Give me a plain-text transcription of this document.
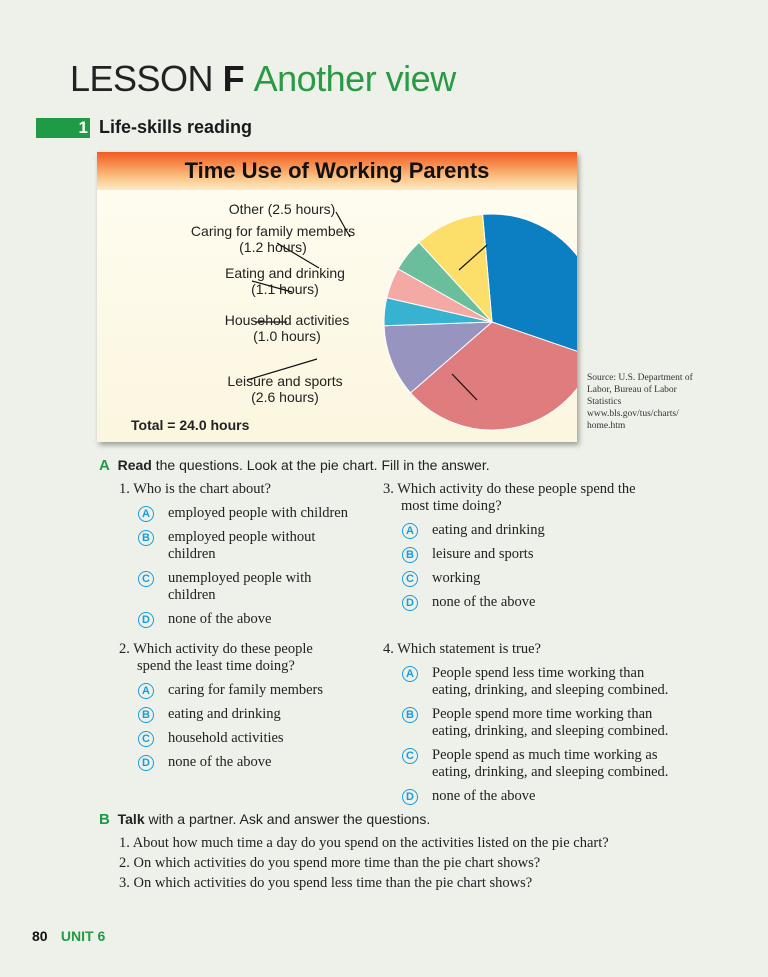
LESSON F Another view
1 Life-skills reading
Time Use of Working Parents
Leisure and sports
(2.6 hours)
Household activities
(1.0 hours)
Eating and drinking
(1.1 hours)
Caring for family members
(1.2 hours)
Other (2.5 hours)
Total = 24.0 hours
Source: U.S. Department of Labor, Bureau of Labor Statistics www.bls.gov/tus/charts/ home.htm
A Read the questions. Look at the pie chart. Fill in the answer.
1. Who is the chart about?
A employed people with children
B employed people without
children
C unemployed people with
children
D none of the above
2. Which activity do these people
spend the least time doing?
A caring for family members
B eating and drinking
C household activities
D none of the above
3. Which activity do these people spend the
most time doing?
A eating and drinking
B leisure and sports
C working
D none of the above
4. Which statement is true?
A People spend less time working than
eating, drinking, and sleeping combined.
B People spend more time working than
eating, drinking, and sleeping combined.
C People spend as much time working as
eating, drinking, and sleeping combined.
D none of the above
B Talk with a partner. Ask and answer the questions.
1. About how much time a day do you spend on the activities listed on the pie chart?
2. On which activities do you spend more time than the pie chart shows?
3. On which activities do you spend less time than the pie chart shows?
80 UNIT 6
